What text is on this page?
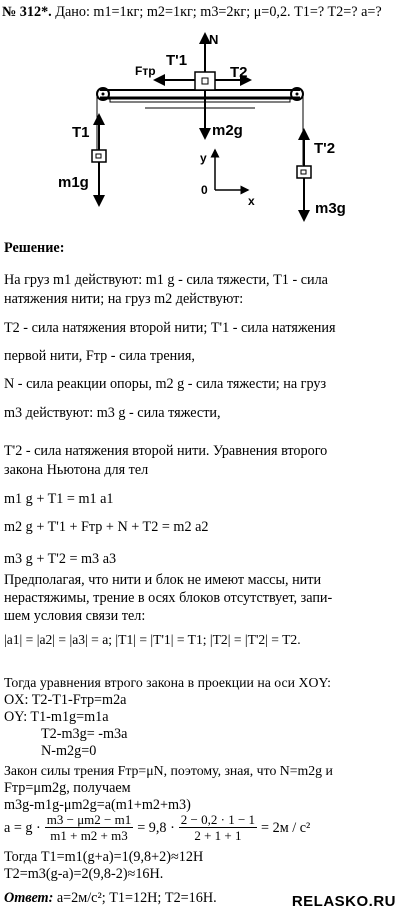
№ 312*. Дано: m1=1кг; m2=1кг; m3=2кг; μ=0,2. T1=? T2=? a=?
N
T'1
Fтр	T2
T1	m2g
T'2
m1g
m3g
y
0
x
Решение:
На груз m1 действуют: m1 g - сила тяжести, T1 - сила
натяжения нити; на груз m2 действуют:
T2 - сила натяжения второй нити; T'1 - сила натяжения
первой нити, Fтр - сила трения,
N - сила реакции опоры, m2 g - сила тяжести; на груз
m3 действуют: m3 g - сила тяжести,
T'2 - сила натяжения второй нити. Уравнения второго
закона Ньютона для тел
m1 g + T1 = m1 a1
m2 g + T'1 + Fтр + N + T2 = m2 a2
m3 g + T'2 = m3 a3
Предполагая, что нити и блок не имеют массы, нити
нерастяжимы, трение в осях блоков отсутствует, запи-
шем условия связи тел:
|a1| = |a2| = |a3| = a; |T1| = |T'1| = T1; |T2| = |T'2| = T2.
Тогда уравнения втрого закона в проекции на оси XOY:
OX: T2-T1-Fтр=m2a
OY: T1-m1g=m1a
T2-m3g= -m3a
N-m2g=0
Закон силы трения Fтр=μN, поэтому, зная, что N=m2g и
Fтр=μm2g, получаем
m3g-m1g-μm2g=a(m1+m2+m3)
$a = g \cdot \frac{m3 - \mu m2 - m1}{m1 + m2 + m3} = 9,8 \cdot \frac{2 - 0,2 \cdot 1 - 1}{2 + 1 + 1} = 2м / с^2$
Тогда T1=m1(g+a)=1(9,8+2)≈12Н
T2=m3(g-a)=2(9,8-2)≈16Н.
Ответ: a=2м/с²; T1=12Н; T2=16Н.	RELASKO.RU
